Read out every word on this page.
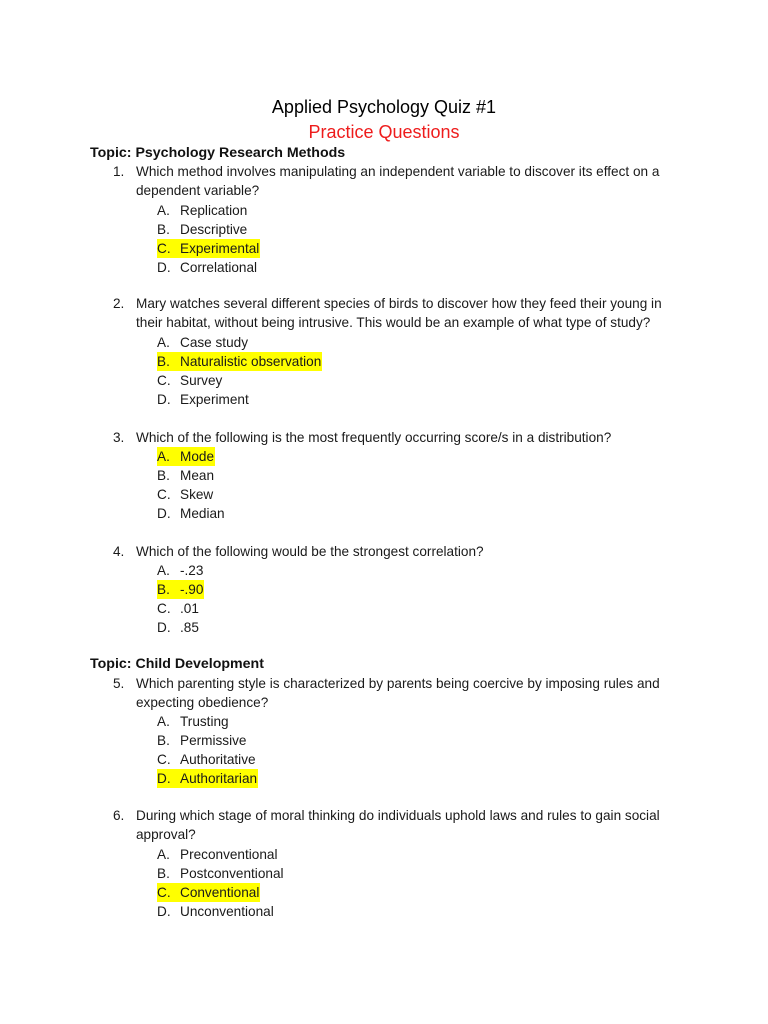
Applied Psychology Quiz #1
Practice Questions
Topic: Psychology Research Methods
1. Which method involves manipulating an independent variable to discover its effect on a dependent variable?
A. Replication
B. Descriptive
C. Experimental
D. Correlational
2. Mary watches several different species of birds to discover how they feed their young in their habitat, without being intrusive. This would be an example of what type of study?
A. Case study
B. Naturalistic observation
C. Survey
D. Experiment
3. Which of the following is the most frequently occurring score/s in a distribution?
A. Mode
B. Mean
C. Skew
D. Median
4. Which of the following would be the strongest correlation?
A. -.23
B. -.90
C. .01
D. .85
Topic: Child Development
5. Which parenting style is characterized by parents being coercive by imposing rules and expecting obedience?
A. Trusting
B. Permissive
C. Authoritative
D. Authoritarian
6. During which stage of moral thinking do individuals uphold laws and rules to gain social approval?
A. Preconventional
B. Postconventional
C. Conventional
D. Unconventional
